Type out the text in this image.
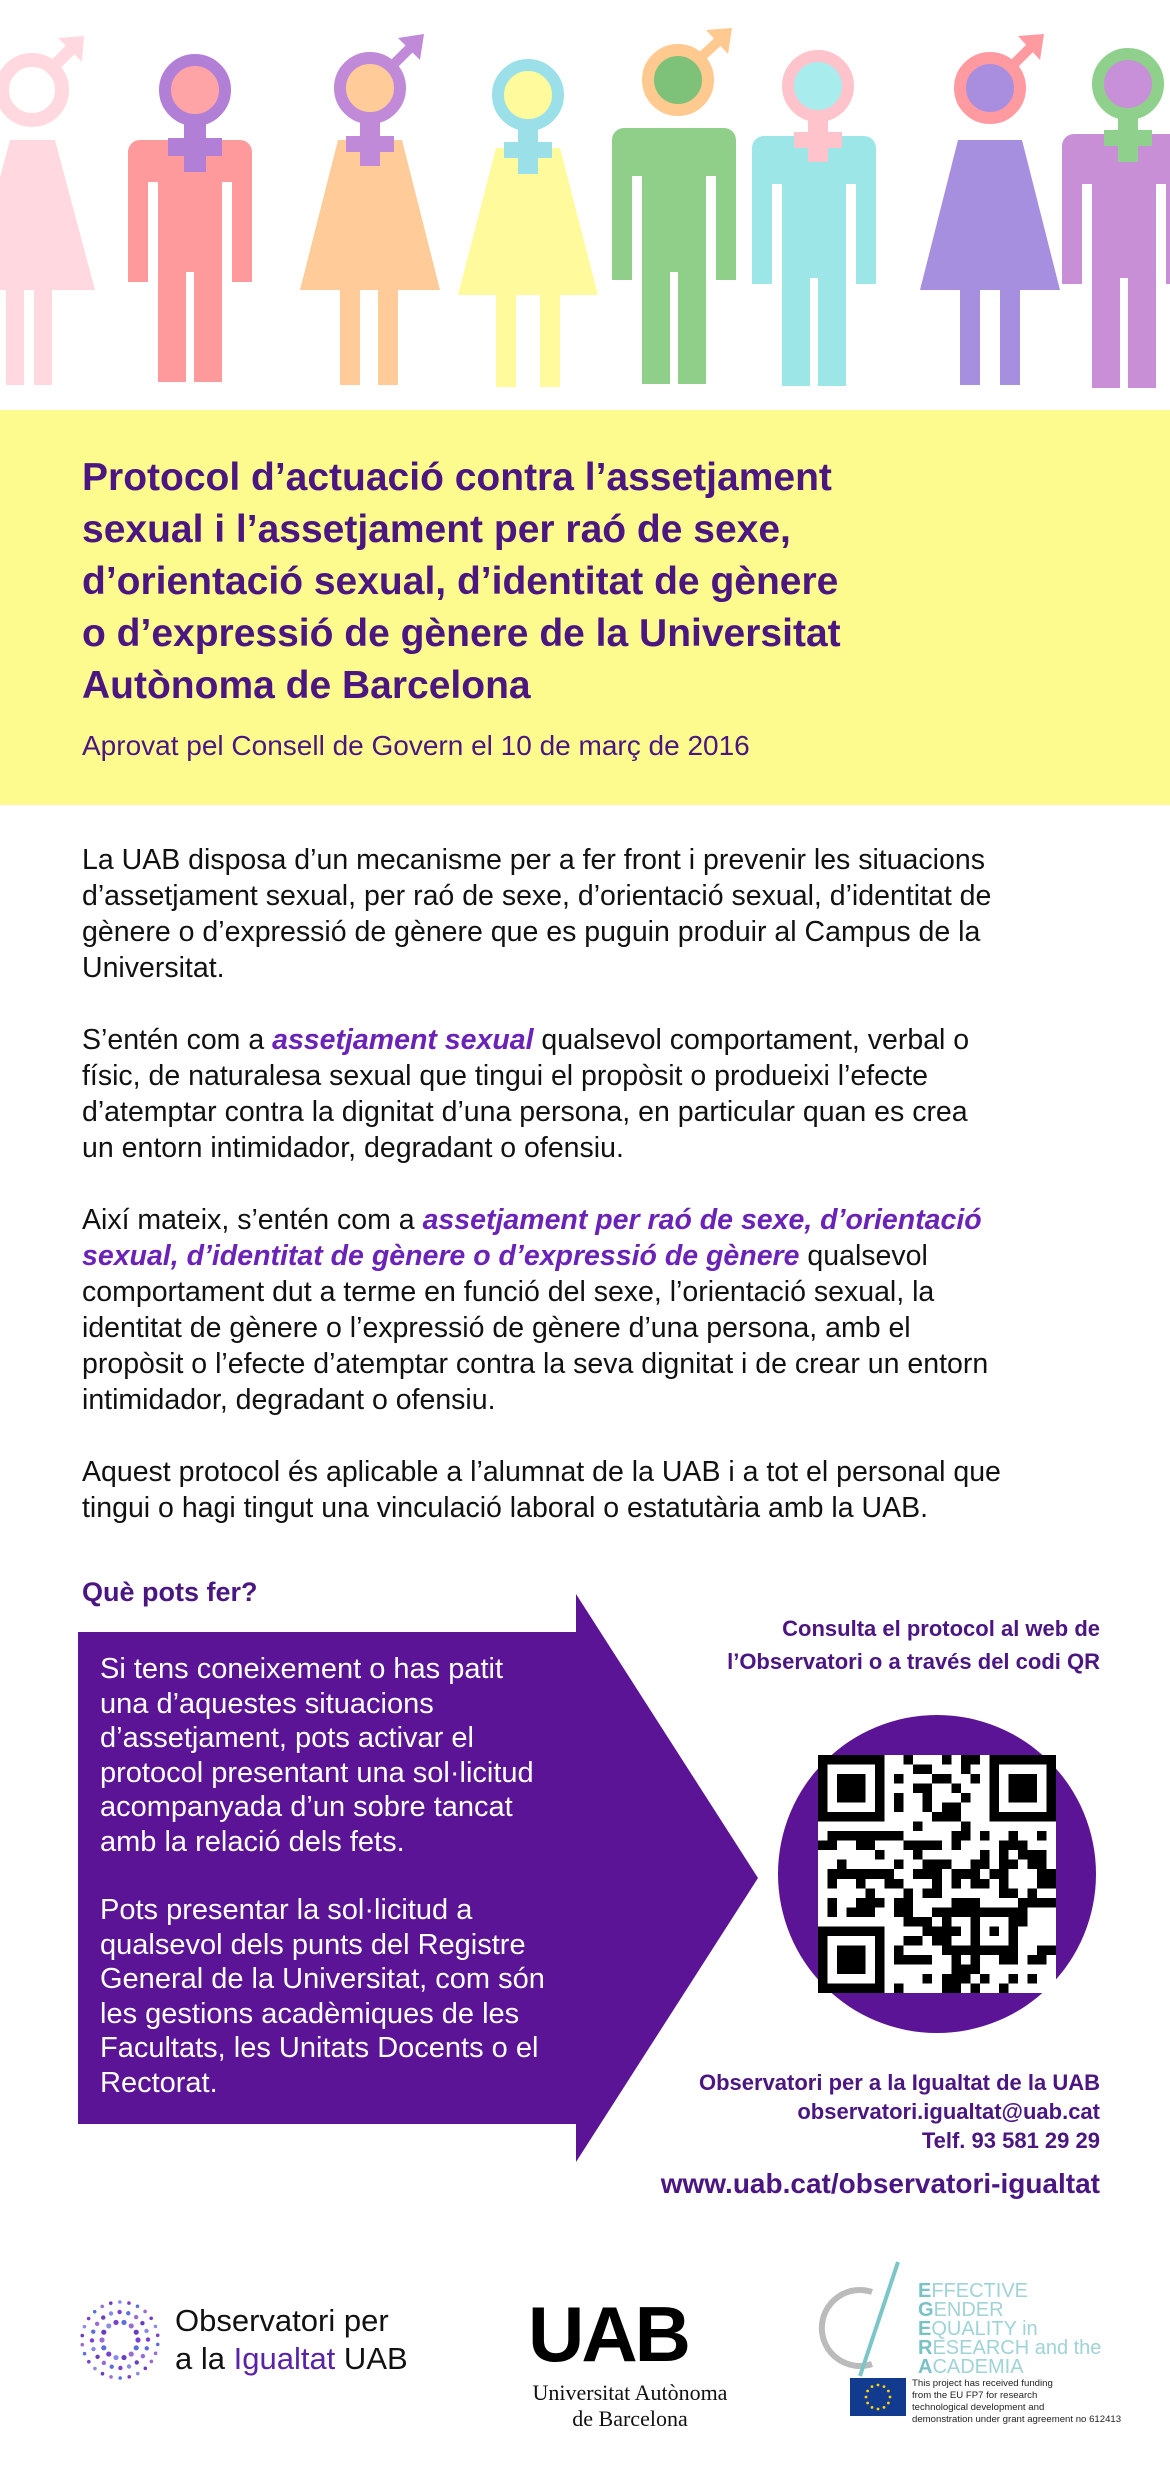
Protocol d’actuació contra l’assetjament
sexual i l’assetjament per raó de sexe,
d’orientació sexual, d’identitat de gènere
o d’expressió de gènere de la Universitat
Autònoma de Barcelona
Aprovat pel Consell de Govern el 10 de març de 2016
La UAB disposa d’un mecanisme per a fer front i prevenir les situacions
d’assetjament sexual, per raó de sexe, d’orientació sexual, d’identitat de
gènere o d’expressió de gènere que es puguin produir al Campus de la
Universitat.
S’entén com a assetjament sexual qualsevol comportament, verbal o
físic, de naturalesa sexual que tingui el propòsit o produeixi l’efecte
d’atemptar contra la dignitat d’una persona, en particular quan es crea
un entorn intimidador, degradant o ofensiu.
Així mateix, s’entén com a assetjament per raó de sexe, d’orientació
sexual, d’identitat de gènere o d’expressió de gènere qualsevol
comportament dut a terme en funció del sexe, l’orientació sexual, la
identitat de gènere o l’expressió de gènere d’una persona, amb el
propòsit o l’efecte d’atemptar contra la seva dignitat i de crear un entorn
intimidador, degradant o ofensiu.
Aquest protocol és aplicable a l’alumnat de la UAB i a tot el personal que
tingui o hagi tingut una vinculació laboral o estatutària amb la UAB.
Què pots fer?
Si tens coneixement o has patit
una d’aquestes situacions
d’assetjament, pots activar el
protocol presentant una sol·licitud
acompanyada d’un sobre tancat
amb la relació dels fets.
Pots presentar la sol·licitud a
qualsevol dels punts del Registre
General de la Universitat, com són
les gestions acadèmiques de les
Facultats, les Unitats Docents o el
Rectorat.
Consulta el protocol al web de
l’Observatori o a través del codi QR
Observatori per a la Igualtat de la UAB
observatori.igualtat@uab.cat
Telf. 93 581 29 29
www.uab.cat/observatori-igualtat
Observatori per
a la Igualtat UAB UAB
Universitat Autònoma
de Barcelona
EFFECTIVE
GENDER
EQUALITY in
RESEARCH and the
ACADEMIA
This project has received funding
from the EU FP7 for research
technological development and
demonstration under grant agreement no 612413
